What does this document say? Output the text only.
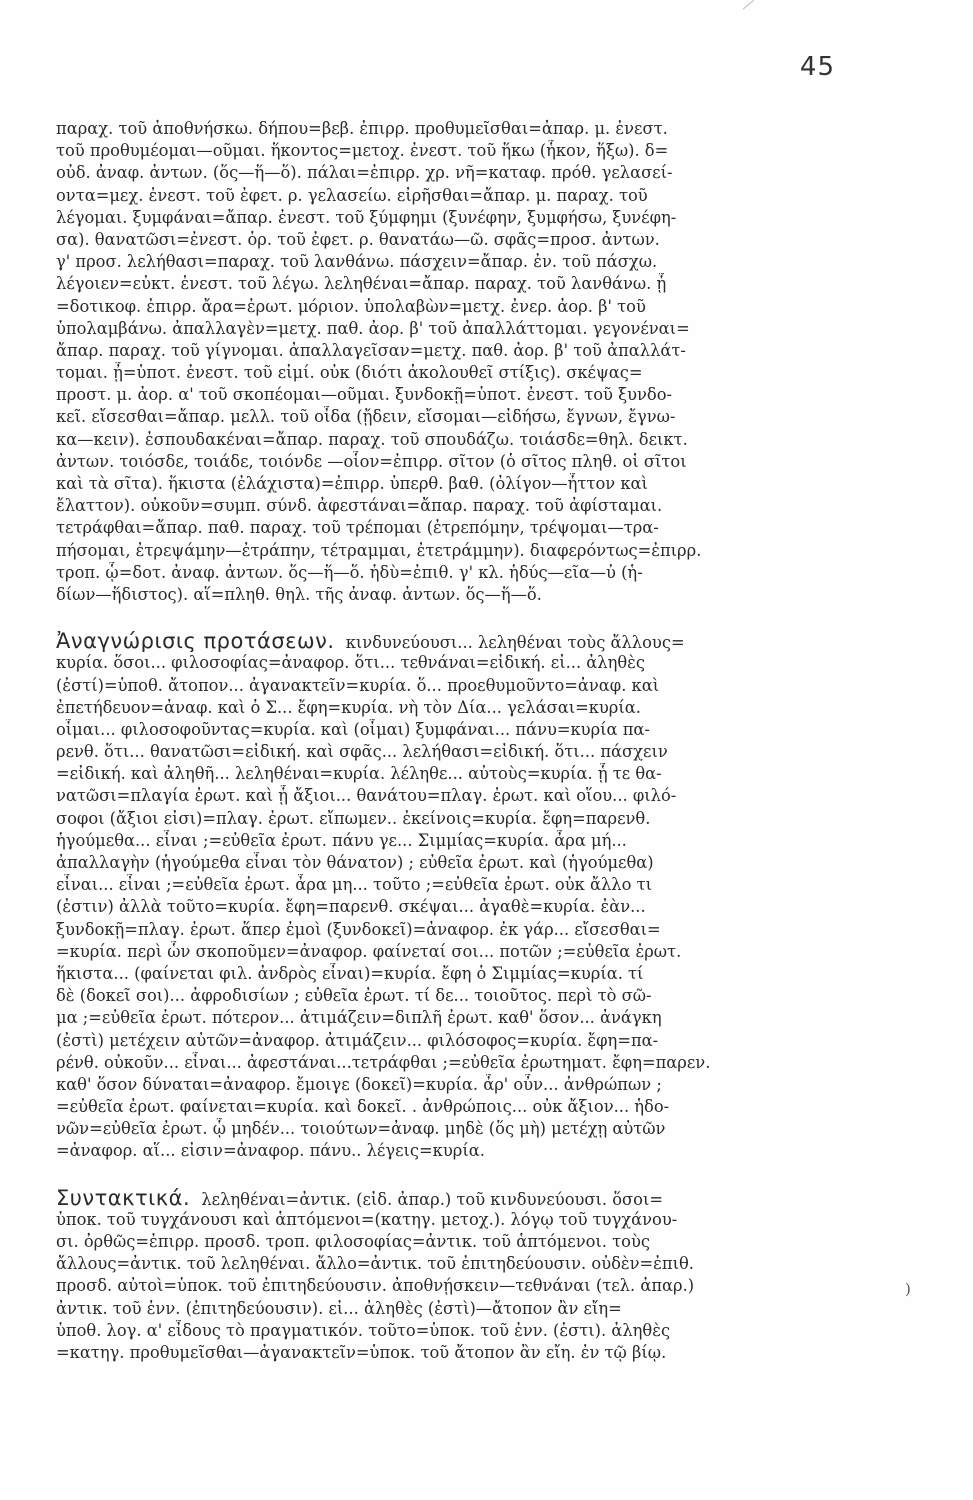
45
παραχ. τοῦ ἀποθνήσκω. δήπου=βεβ. ἐπιρρ. προθυμεῖσθαι=ἀπαρ. μ. ἐνεστ.
τοῦ προθυμέομαι—οῦμαι. ἥκοντος=μετοχ. ἐνεστ. τοῦ ἥκω (ἧκον, ἥξω). δ=
οὐδ. ἀναφ. ἀντων. (ὅς—ἥ—ὅ). πάλαι=ἐπιρρ. χρ. νῆ=καταφ. πρόθ. γελασεί-
οντα=μεχ. ἐνεστ. τοῦ ἐφετ. ρ. γελασείω. εἰρῆσθαι=ἄπαρ. μ. παραχ. τοῦ
λέγομαι. ξυμφάναι=ἄπαρ. ἐνεστ. τοῦ ξύμφημι (ξυνέφην, ξυμφήσω, ξυνέφη-
σα). θανατῶσι=ἐνεστ. ὁρ. τοῦ ἐφετ. ρ. θανατάω—ῶ. σφᾶς=προσ. ἀντων.
γ' προσ. λελήθασι=παραχ. τοῦ λανθάνω. πάσχειν=ἄπαρ. ἐν. τοῦ πάσχω.
λέγοιεν=εὐκτ. ἐνεστ. τοῦ λέγω. λεληθέναι=ἄπαρ. παραχ. τοῦ λανθάνω. ᾗ
=δοτικοφ. ἐπιρρ. ἄρα=ἐρωτ. μόριον. ὑπολαβὼν=μετχ. ἐνερ. ἀορ. β' τοῦ
ὑπολαμβάνω. ἀπαλλαγὲν=μετχ. παθ. ἀορ. β' τοῦ ἀπαλλάττομαι. γεγονέναι=
ἄπαρ. παραχ. τοῦ γίγνομαι. ἀπαλλαγεῖσαν=μετχ. παθ. ἀορ. β' τοῦ ἀπαλλάτ-
τομαι. ᾖ=ὑποτ. ἐνεστ. τοῦ εἰμί. οὐκ (διότι ἀκολουθεῖ στίξις). σκέψας=
προστ. μ. ἀορ. α' τοῦ σκοπέομαι—οῦμαι. ξυνδοκῇ=ὑποτ. ἐνεστ. τοῦ ξυνδο-
κεῖ. εἴσεσθαι=ἄπαρ. μελλ. τοῦ οἶδα (ᾔδειν, εἴσομαι—εἰδήσω, ἔγνων, ἔγνω-
κα—κειν). ἐσπουδακέναι=ἄπαρ. παραχ. τοῦ σπουδάζω. τοιάσδε=θηλ. δεικτ.
ἀντων. τοιόσδε, τοιάδε, τοιόνδε —οἷον=ἐπιρρ. σῖτον (ὁ σῖτος πληθ. οἱ σῖτοι
καὶ τὰ σῖτα). ἥκιστα (ἐλάχιστα)=ἐπιρρ. ὑπερθ. βαθ. (ὀλίγον—ἧττον καὶ
ἔλαττον). οὐκοῦν=συμπ. σύνδ. ἀφεστάναι=ἄπαρ. παραχ. τοῦ ἀφίσταμαι.
τετράφθαι=ἄπαρ. παθ. παραχ. τοῦ τρέπομαι (ἐτρεπόμην, τρέψομαι—τρα-
πήσομαι, ἐτρεψάμην—ἐτράπην, τέτραμμαι, ἐτετράμμην). διαφερόντως=ἐπιρρ.
τροπ. ᾧ=δοτ. ἀναφ. ἀντων. ὅς—ἥ—ὅ. ἡδὺ=ἐπιθ. γ' κλ. ἡδύς—εῖα—ὐ (ἡ-
δίων—ἥδιστος). αἵ=πληθ. θηλ. τῆς ἀναφ. ἀντων. ὅς—ἥ—ὅ.
Ἀναγνώρισις προτάσεων. κινδυνεύουσι... λεληθέναι τοὺς ἄλλους=
κυρία. ὅσοι... φιλοσοφίας=ἀναφορ. ὅτι... τεθνάναι=εἰδική. εἰ... ἀληθὲς
(ἐστί)=ὑποθ. ἄτοπον... ἀγανακτεῖν=κυρία. ὅ... προεθυμοῦντο=ἀναφ. καὶ
ἐπετήδευον=ἀναφ. καὶ ὁ Σ... ἔφη=κυρία. νὴ τὸν Δία... γελάσαι=κυρία.
οἶμαι... φιλοσοφοῦντας=κυρία. καὶ (οἶμαι) ξυμφάναι... πάνυ=κυρία πα-
ρενθ. ὅτι... θανατῶσι=εἰδική. καὶ σφᾶς... λελήθασι=εἰδική. ὅτι... πάσχειν
=εἰδική. καὶ ἀληθῆ... λεληθέναι=κυρία. λέληθε... αὐτοὺς=κυρία. ᾗ τε θα-
νατῶσι=πλαγία ἐρωτ. καὶ ᾗ ἄξιοι... θανάτου=πλαγ. ἐρωτ. καὶ οἵου... φιλό-
σοφοι (ἄξιοι εἰσι)=πλαγ. ἐρωτ. εἴπωμεν.. ἐκείνοις=κυρία. ἔφη=παρενθ.
ἡγούμεθα... εἶναι ;=εὐθεῖα ἐρωτ. πάνυ γε... Σιμμίας=κυρία. ἆρα μή...
ἀπαλλαγὴν (ἡγούμεθα εἶναι τὸν θάνατον) ; εὐθεῖα ἐρωτ. καὶ (ἡγούμεθα)
εἶναι... εἶναι ;=εὐθεῖα ἐρωτ. ἆρα μη... τοῦτο ;=εὐθεῖα ἐρωτ. οὐκ ἄλλο τι
(ἐστιν) ἀλλὰ τοῦτο=κυρία. ἔφη=παρενθ. σκέψαι... ἀγαθὲ=κυρία. ἐὰν...
ξυνδοκῇ=πλαγ. ἐρωτ. ἅπερ ἐμοὶ (ξυνδοκεῖ)=ἀναφορ. ἐκ γάρ... εἴσεσθαι=
=κυρία. περὶ ὧν σκοποῦμεν=ἀναφορ. φαίνεταί σοι... ποτῶν ;=εὐθεῖα ἐρωτ.
ἥκιστα... (φαίνεται φιλ. ἀνδρὸς εἶναι)=κυρία. ἔφη ὁ Σιμμίας=κυρία. τί
δὲ (δοκεῖ σοι)... ἀφροδισίων ; εὐθεῖα ἐρωτ. τί δε... τοιοῦτος. περὶ τὸ σῶ-
μα ;=εὐθεῖα ἐρωτ. πότερον... ἀτιμάζειν=διπλῆ ἐρωτ. καθ' ὅσον... ἀνάγκη
(ἐστὶ) μετέχειν αὐτῶν=ἀναφορ. ἀτιμάζειν... φιλόσοφος=κυρία. ἔφη=πα-
ρένθ. οὐκοῦν... εἶναι... ἀφεστάναι...τετράφθαι ;=εὐθεῖα ἐρωτηματ. ἔφη=παρεν.
καθ' ὅσον δύναται=ἀναφορ. ἔμοιγε (δοκεῖ)=κυρία. ἆρ' οὖν... ἀνθρώπων ;
=εὐθεῖα ἐρωτ. φαίνεται=κυρία. καὶ δοκεῖ. . ἀνθρώποις... οὐκ ἄξιον... ἡδο-
νῶν=εὐθεῖα ἐρωτ. ᾧ μηδέν... τοιούτων=ἀναφ. μηδὲ (ὅς μὴ) μετέχῃ αὐτῶν
=ἀναφορ. αἵ... εἰσιν=ἀναφορ. πάνυ.. λέγεις=κυρία.
Συντακτικά. λεληθέναι=ἀντικ. (εἰδ. ἀπαρ.) τοῦ κινδυνεύουσι. ὅσοι=
ὑποκ. τοῦ τυγχάνουσι καὶ ἁπτόμενοι=(κατηγ. μετοχ.). λόγῳ τοῦ τυγχάνου-
σι. ὀρθῶς=ἐπιρρ. προσδ. τροπ. φιλοσοφίας=ἀντικ. τοῦ ἁπτόμενοι. τοὺς
ἄλλους=ἀντικ. τοῦ λεληθέναι. ἄλλο=ἀντικ. τοῦ ἐπιτηδεύουσιν. οὐδὲν=ἐπιθ.
προσδ. αὐτοὶ=ὑποκ. τοῦ ἐπιτηδεύουσιν. ἀποθνῄσκειν—τεθνάναι (τελ. ἀπαρ.)
ἀντικ. τοῦ ἐνν. (ἐπιτηδεύουσιν). εἰ... ἀληθὲς (ἐστὶ)—ἄτοπον ἂν εἴη=
ὑποθ. λογ. α' εἶδους τὸ πραγματικόν. τοῦτο=ὑποκ. τοῦ ἐνν. (ἐστι). ἀληθὲς
=κατηγ. προθυμεῖσθαι—ἀγανακτεῖν=ὑποκ. τοῦ ἄτοπον ἂν εἴη. ἐν τῷ βίῳ.
)
